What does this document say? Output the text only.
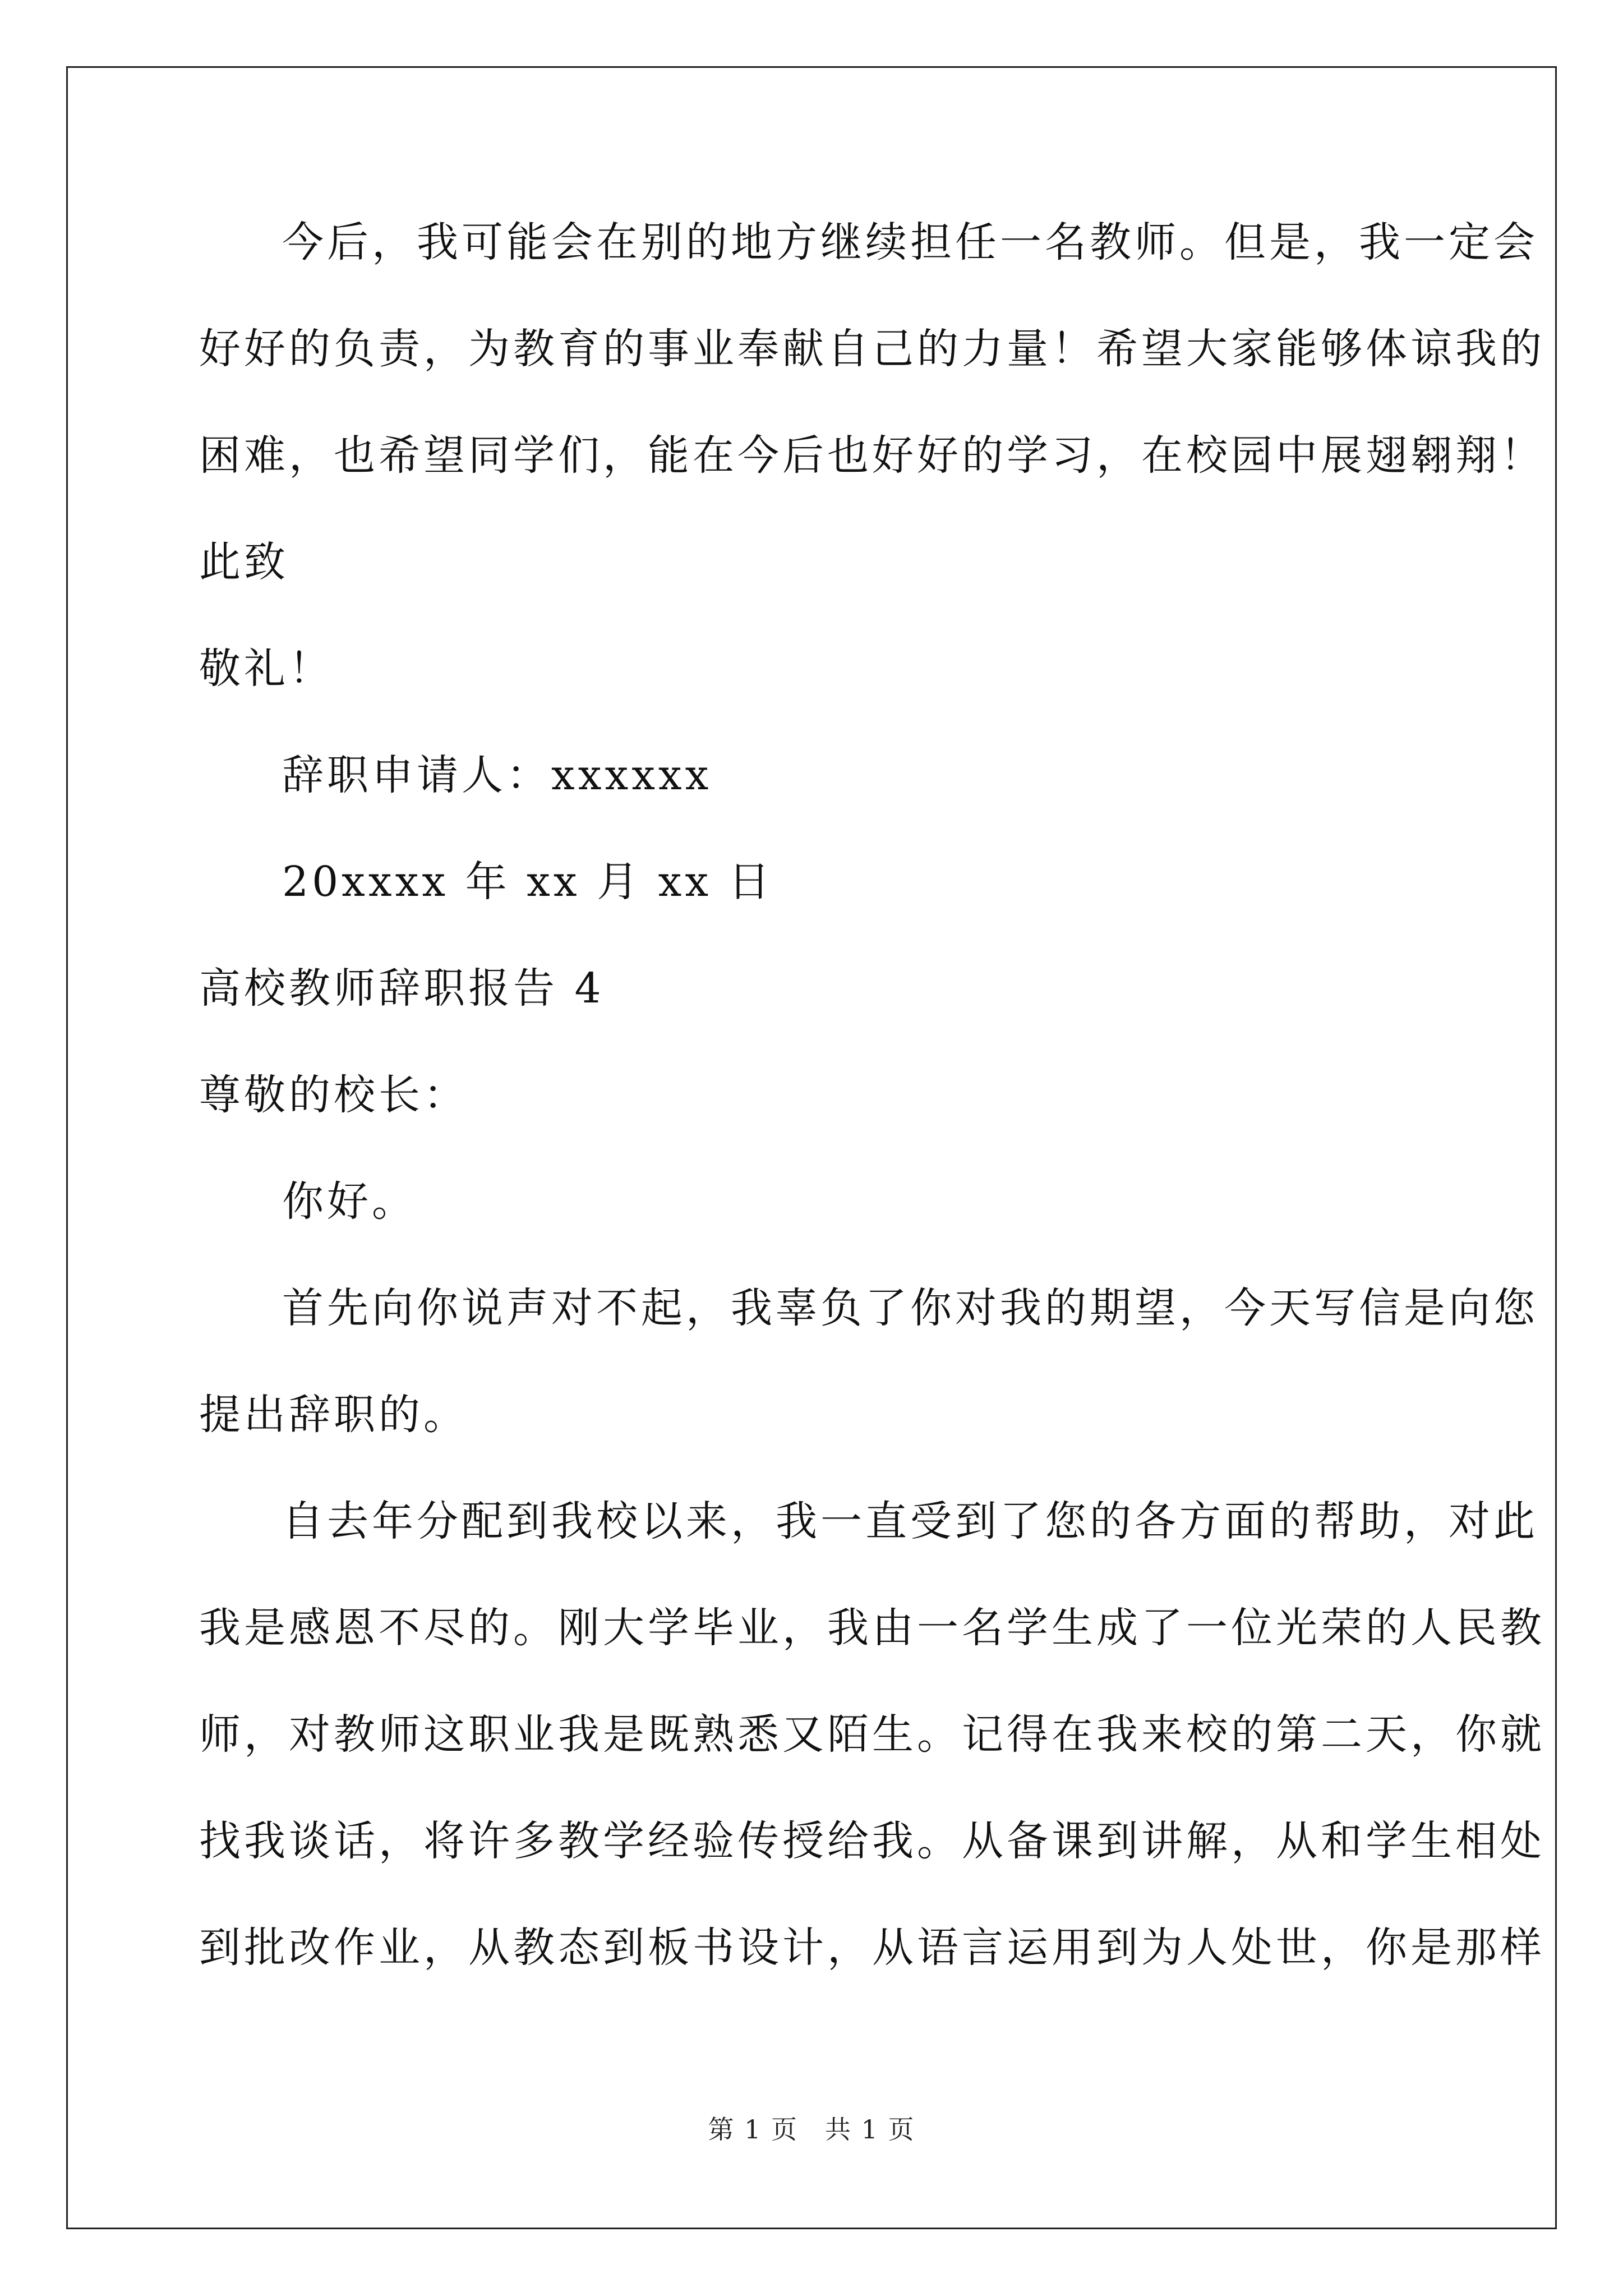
今后，我可能会在别的地方继续担任一名教师。但是，我一定会
好好的负责，为教育的事业奉献自己的力量！希望大家能够体谅我的
困难，也希望同学们，能在今后也好好的学习，在校园中展翅翱翔！
此致
敬礼！
辞职申请人：xxxxxx
20xxxx 年 xx 月 xx 日
高校教师辞职报告 4
尊敬的校长：
你好。
首先向你说声对不起，我辜负了你对我的期望，今天写信是向您
提出辞职的。
自去年分配到我校以来，我一直受到了您的各方面的帮助，对此
我是感恩不尽的。刚大学毕业，我由一名学生成了一位光荣的人民教
师，对教师这职业我是既熟悉又陌生。记得在我来校的第二天，你就
找我谈话，将许多教学经验传授给我。从备课到讲解，从和学生相处
到批改作业，从教态到板书设计，从语言运用到为人处世，你是那样
第 1 页　共 1 页
